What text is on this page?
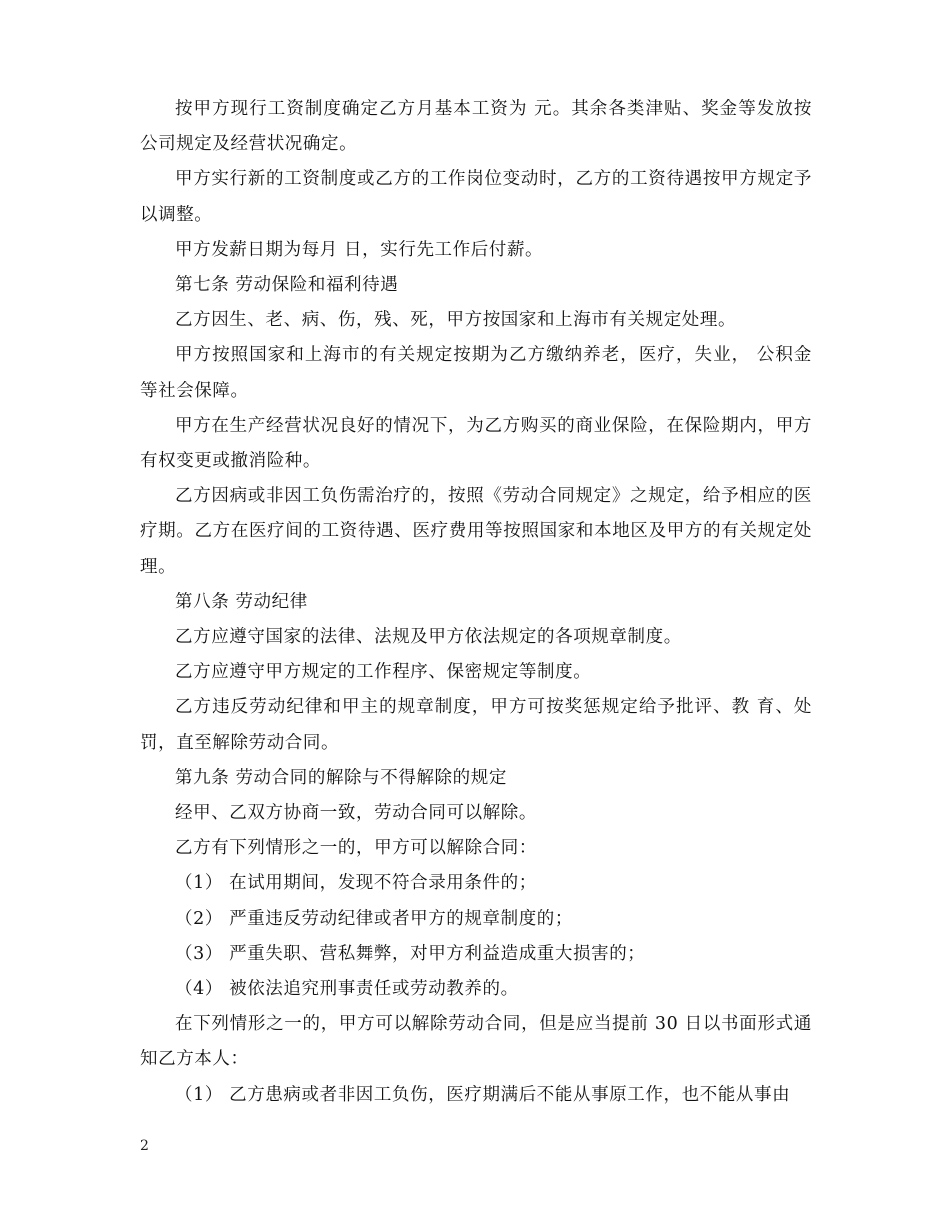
按甲方现行工资制度确定乙方月基本工资为 元。其余各类津贴、奖金等发放按公司规定及经营状况确定。

甲方实行新的工资制度或乙方的工作岗位变动时，乙方的工资待遇按甲方规定予以调整。

甲方发薪日期为每月 日，实行先工作后付薪。

第七条 劳动保险和福利待遇

乙方因生、老、病、伤，残、死，甲方按国家和上海市有关规定处理。

甲方按照国家和上海市的有关规定按期为乙方缴纳养老，医疗，失业， 公积金等社会保障。

甲方在生产经营状况良好的情况下，为乙方购买的商业保险，在保险期内，甲方有权变更或撤消险种。

乙方因病或非因工负伤需治疗的，按照《劳动合同规定》之规定，给予相应的医疗期。乙方在医疗间的工资待遇、医疗费用等按照国家和本地区及甲方的有关规定处理。

第八条 劳动纪律

乙方应遵守国家的法律、法规及甲方依法规定的各项规章制度。

乙方应遵守甲方规定的工作程序、保密规定等制度。

乙方违反劳动纪律和甲主的规章制度，甲方可按奖惩规定给予批评、教 育、处罚，直至解除劳动合同。

第九条 劳动合同的解除与不得解除的规定

经甲、乙双方协商一致，劳动合同可以解除。

乙方有下列情形之一的，甲方可以解除合同：

（1） 在试用期间，发现不符合录用条件的；

（2） 严重违反劳动纪律或者甲方的规章制度的；

（3） 严重失职、营私舞弊，对甲方利益造成重大损害的；

（4） 被依法追究刑事责任或劳动教养的。

在下列情形之一的，甲方可以解除劳动合同，但是应当提前 30 日以书面形式通知乙方本人：

（1） 乙方患病或者非因工负伤，医疗期满后不能从事原工作，也不能从事由

2
